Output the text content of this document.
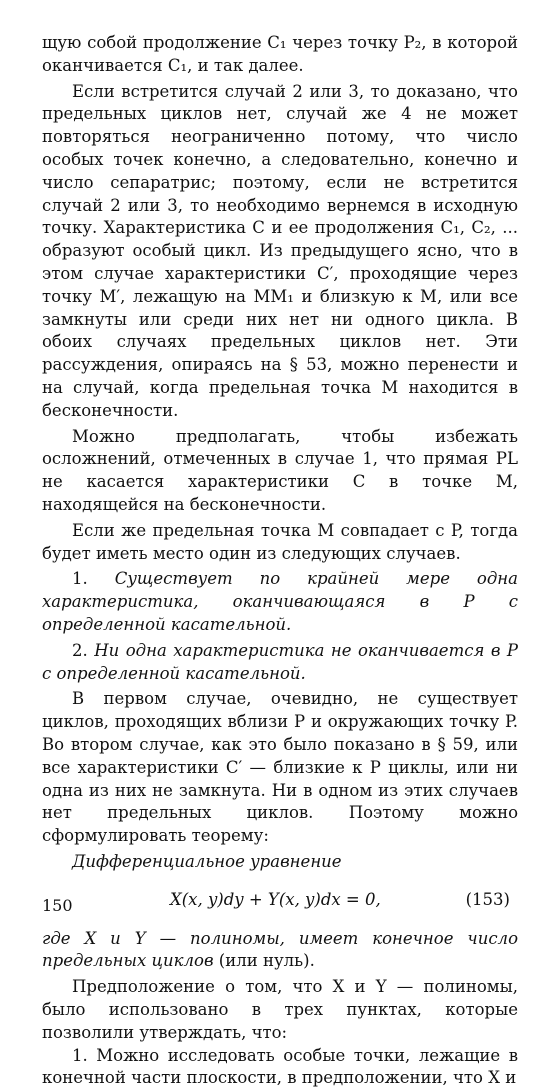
щую собой продолжение C₁ через точку P₂, в которой оканчивается C₁, и так далее.

Если встретится случай 2 или 3, то доказано, что предельных циклов нет, случай же 4 не может повторяться неограниченно потому, что число особых точек конечно, а следовательно, конечно и число сепаратрис; поэтому, если не встретится случай 2 или 3, то необходимо вернемся в исходную точку. Характеристика C и ее продолжения C₁, C₂, ... образуют особый цикл. Из предыдущего ясно, что в этом случае характеристики C′, проходящие через точку M′, лежащую на MM₁ и близкую к M, или все замкнуты или среди них нет ни одного цикла. В обоих случаях предельных циклов нет. Эти рассуждения, опираясь на § 53, можно перенести и на случай, когда предельная точка M находится в бесконечности.

Можно предполагать, чтобы избежать осложнений, отмеченных в случае 1, что прямая PL не касается характеристики C в точке M, находящейся на бесконечности.

Если же предельная точка M совпадает с P, тогда будет иметь место один из следующих случаев.

1. Существует по крайней мере одна характеристика, оканчивающаяся в P с определенной касательной.

2. Ни одна характеристика не оканчивается в P с определенной касательной.

В первом случае, очевидно, не существует циклов, проходящих вблизи P и окружающих точку P. Во втором случае, как это было показано в § 59, или все характеристики C′ — близкие к P циклы, или ни одна из них не замкнута. Ни в одном из этих случаев нет предельных циклов. Поэтому можно сформулировать теорему:

Дифференциальное уравнение

X(x, y)dy + Y(x, y)dx = 0,	(153)

где X и Y — полиномы, имеет конечное число предельных циклов (или нуль).

Предположение о том, что X и Y — полиномы, было использовано в трех пунктах, которые позволили утверждать, что:

1. Можно исследовать особые точки, лежащие в конечной части плоскости, в предположении, что X и

150
